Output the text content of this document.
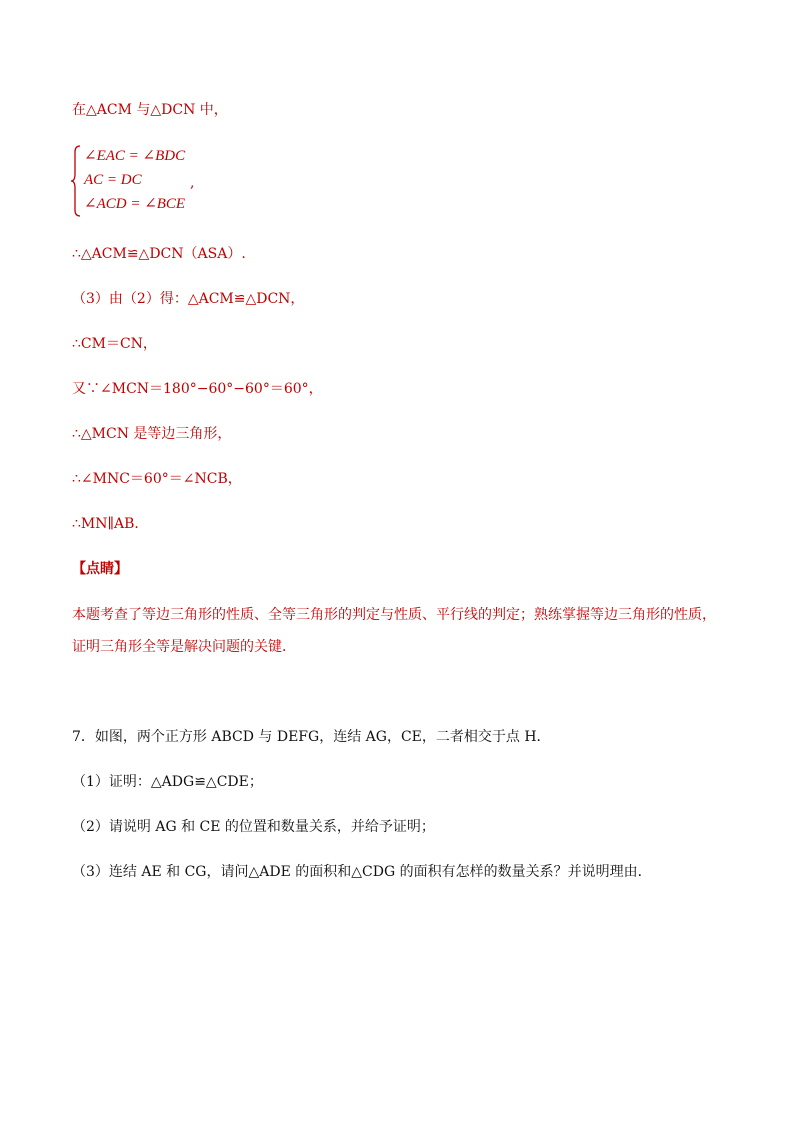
在△ACM 与△DCN 中，
∠EAC = ∠BDC
AC = DC
∠ACD = ∠BCE
,
∴△ACM≌△DCN（ASA）.
（3）由（2）得：△ACM≌△DCN，
∴CM＝CN，
又∵∠MCN＝180°−60°−60°＝60°，
∴△MCN 是等边三角形，
∴∠MNC＝60°＝∠NCB，
∴MN∥AB．
【点睛】
本题考查了等边三角形的性质、全等三角形的判定与性质、平行线的判定；熟练掌握等边三角形的性质，
证明三角形全等是解决问题的关键．
7．如图，两个正方形 ABCD 与 DEFG，连结 AG，CE，二者相交于点 H．
（1）证明：△ADG≌△CDE；
（2）请说明 AG 和 CE 的位置和数量关系，并给予证明；
（3）连结 AE 和 CG，请问△ADE 的面积和△CDG 的面积有怎样的数量关系？并说明理由．
